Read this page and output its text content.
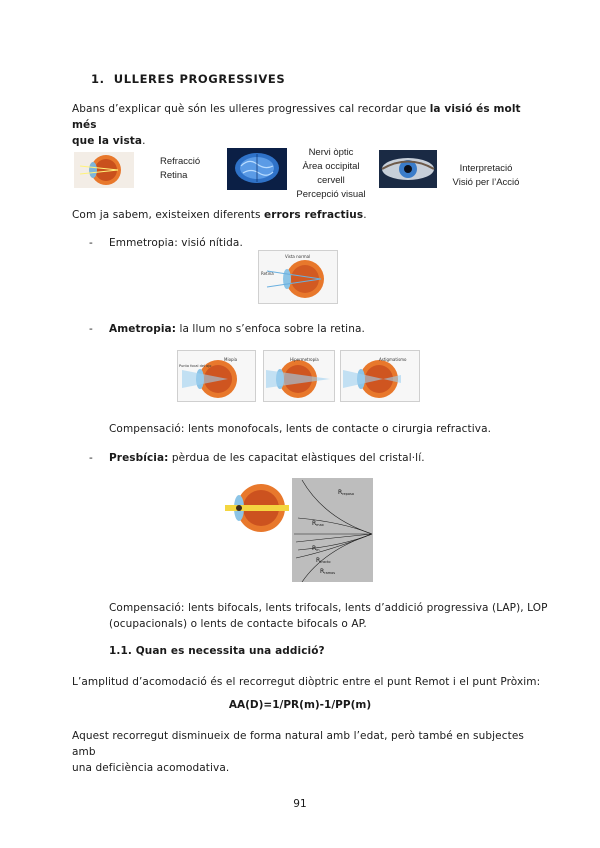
1. ULLERES PROGRESSIVES
Abans d’explicar què són les ulleres progressives cal recordar que la visió és molt més
que la vista.
Refracció
Retina
Nervi òptic
Àrea occipital cervell
Percepció visual
Interpretació
Visió per l’Acció
Com ja sabem, existeixen diferents errors refractius.
- Emmetropia: visió nítida.
Vista normal
Retina
- Ametropia: la llum no s’enfoca sobre la retina.
Miopía
Punto focal del ojo
Hipermetropía	Astigmatismo
Compensació: lents monofocals, lents de contacte o cirurgia refractiva.
- Presbícia: pèrdua de les capacitat elàstiques del cristal·lí.
Rreposo
Rmax
Rm
Rtracto
Rramos
Compensació: lents bifocals, lents trifocals, lents d’addició progressiva (LAP), LOP
(ocupacionals) o lents de contacte bifocals o AP.
1.1. Quan es necessita una addició?
L’amplitud d’acomodació és el recorregut diòptric entre el punt Remot i el punt Pròxim:
AA(D)=1/PR(m)-1/PP(m)
Aquest recorregut disminueix de forma natural amb l’edat, però també en subjectes amb
una deficiència acomodativa.
91
